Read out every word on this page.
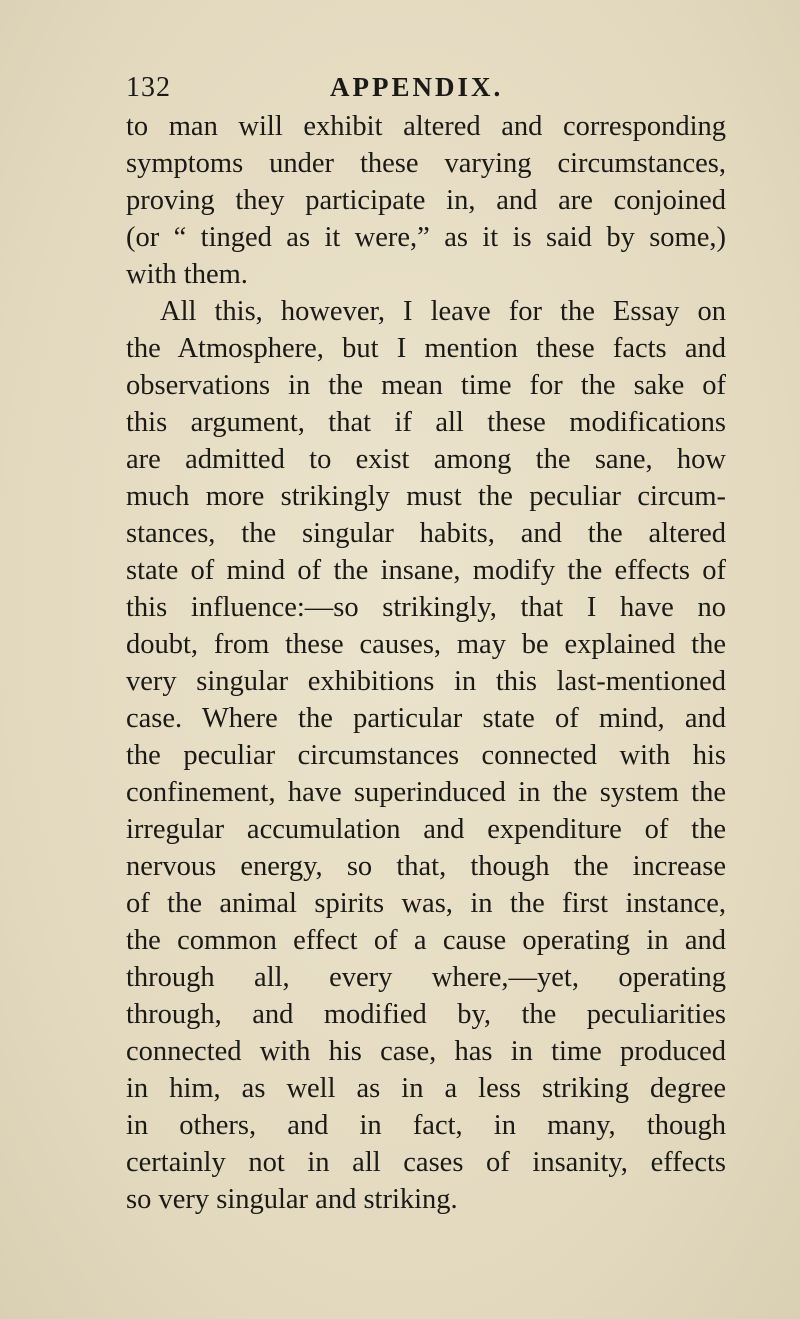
132	APPENDIX.
to man will exhibit altered and corresponding
symptoms under these varying circumstances,
proving they participate in, and are conjoined
(or “ tinged as it were,” as it is said by some,)
with them.
All this, however, I leave for the Essay on
the Atmosphere, but I mention these facts and
observations in the mean time for the sake of
this argument, that if all these modifications
are admitted to exist among the sane, how
much more strikingly must the peculiar circum-
stances, the singular habits, and the altered
state of mind of the insane, modify the effects of
this influence:—so strikingly, that I have no
doubt, from these causes, may be explained the
very singular exhibitions in this last-mentioned
case. Where the particular state of mind, and
the peculiar circumstances connected with his
confinement, have superinduced in the system the
irregular accumulation and expenditure of the
nervous energy, so that, though the increase
of the animal spirits was, in the first instance,
the common effect of a cause operating in and
through all, every where,—yet, operating
through, and modified by, the peculiarities
connected with his case, has in time produced
in him, as well as in a less striking degree
in others, and in fact, in many, though
certainly not in all cases of insanity, effects
so very singular and striking.
